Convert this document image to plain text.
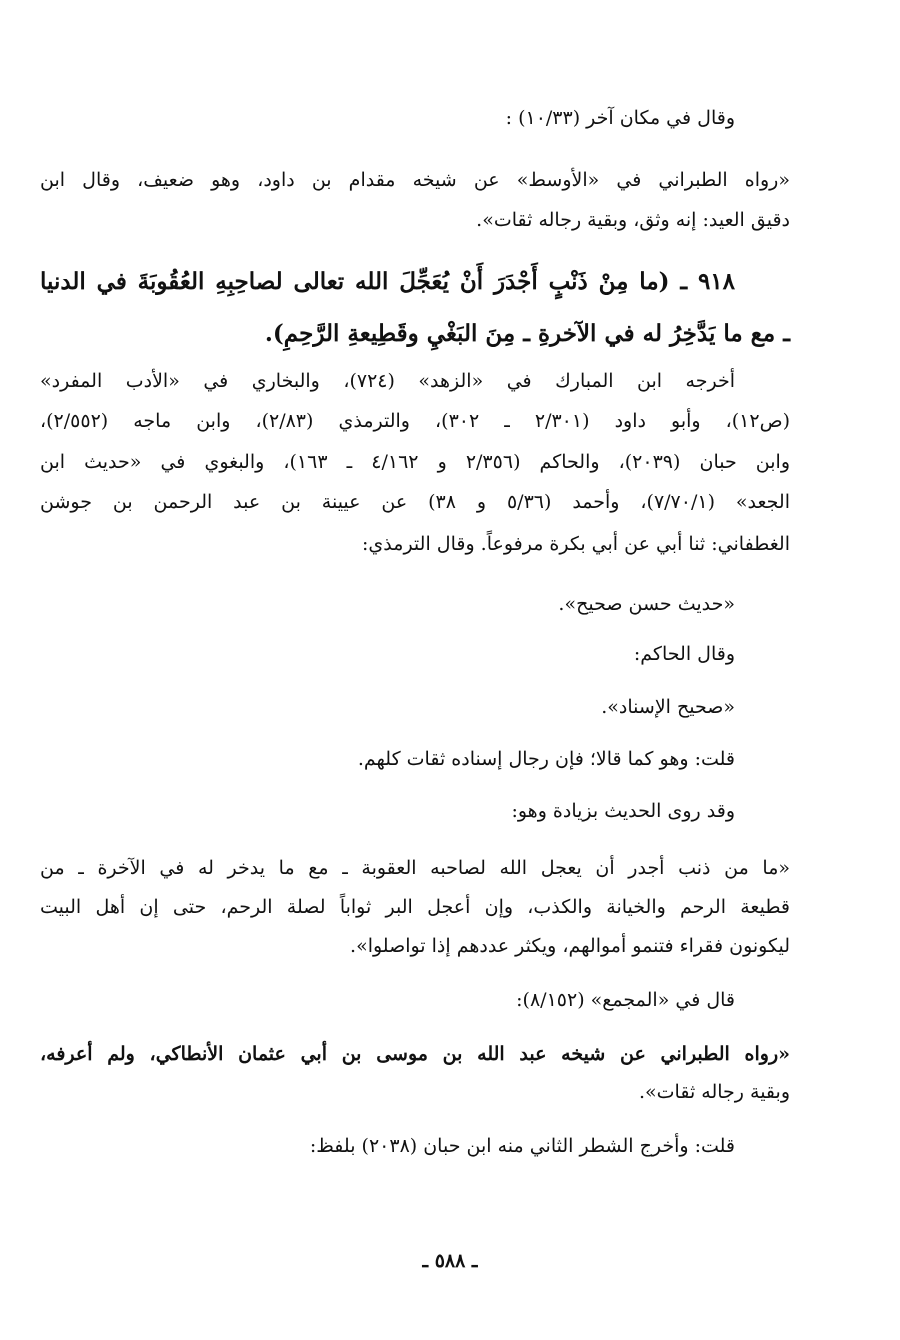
وقال في مكان آخر (١٠/٣٣) :
«رواه الطبراني في «الأوسط» عن شيخه مقدام بن داود، وهو ضعيف، وقال ابن
دقيق العيد: إنه وثق، وبقية رجاله ثقات».
٩١٨ ـ (ما مِنْ ذَنْبٍ أَجْدَرَ أَنْ يُعَجِّلَ الله تعالى لصاحِبِهِ العُقُوبَةَ في الدنيا
ـ مع ما يَدَّخِرُ له في الآخرةِ ـ مِنَ البَغْيِ وقَطِيعةِ الرَّحِمِ).
أخرجه ابن المبارك في «الزهد» (٧٢٤)، والبخاري في «الأدب المفرد»
(ص١٢)، وأبو داود (٢/٣٠١ ـ ٣٠٢)، والترمذي (٢/٨٣)، وابن ماجه (٢/٥٥٢)،
وابن حبان (٢٠٣٩)، والحاكم (٢/٣٥٦ و ٤/١٦٢ ـ ١٦٣)، والبغوي في «حديث ابن
الجعد» (٧/٧٠/١)، وأحمد (٥/٣٦ و ٣٨) عن عيينة بن عبد الرحمن بن جوشن
الغطفاني: ثنا أبي عن أبي بكرة مرفوعاً. وقال الترمذي:
«حديث حسن صحيح».
وقال الحاكم:
«صحيح الإسناد».
قلت: وهو كما قالا؛ فإن رجال إسناده ثقات كلهم.
وقد روى الحديث بزيادة وهو:
«ما من ذنب أجدر أن يعجل الله لصاحبه العقوبة ـ مع ما يدخر له في الآخرة ـ من
قطيعة الرحم والخيانة والكذب، وإن أعجل البر ثواباً لصلة الرحم، حتى إن أهل البيت
ليكونون فقراء فتنمو أموالهم، ويكثر عددهم إذا تواصلوا».
قال في «المجمع» (٨/١٥٢):
«رواه الطبراني عن شيخه عبد الله بن موسى بن أبي عثمان الأنطاكي، ولم أعرفه،
وبقية رجاله ثقات».
قلت: وأخرج الشطر الثاني منه ابن حبان (٢٠٣٨) بلفظ:
ـ ٥٨٨ ـ
